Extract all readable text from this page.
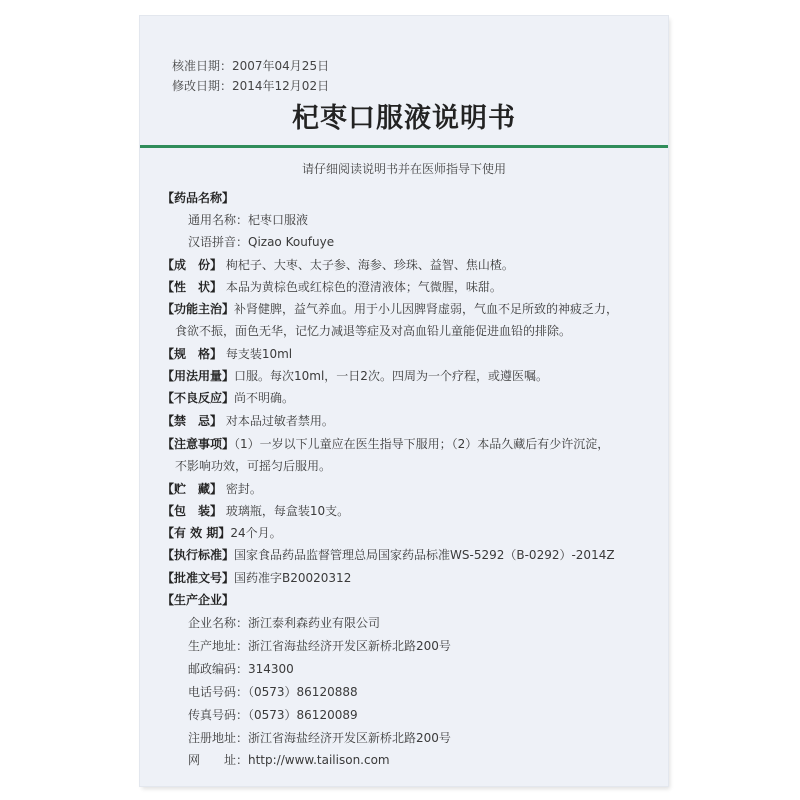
核准日期：2007年04月25日
修改日期：2014年12月02日
杞枣口服液说明书
请仔细阅读说明书并在医师指导下使用
【药品名称】
通用名称：杞枣口服液
汉语拼音：Qizao Koufuye
【成 份】 枸杞子、大枣、太子参、海参、珍珠、益智、焦山楂。
【性 状】 本品为黄棕色或红棕色的澄清液体；气微腥，味甜。
【功能主治】补肾健脾，益气养血。用于小儿因脾肾虚弱，气血不足所致的神疲乏力，
食欲不振，面色无华，记忆力减退等症及对高血铅儿童能促进血铅的排除。
【规 格】 每支装10ml
【用法用量】口服。每次10ml，一日2次。四周为一个疗程，或遵医嘱。
【不良反应】尚不明确。
【禁 忌】 对本品过敏者禁用。
【注意事项】（1）一岁以下儿童应在医生指导下服用；（2）本品久藏后有少许沉淀，
不影响功效，可摇匀后服用。
【贮 藏】 密封。
【包 装】 玻璃瓶，每盒装10支。
【有 效 期】24个月。
【执行标准】国家食品药品监督管理总局国家药品标准WS-5292（B-0292）-2014Z
【批准文号】国药准字B20020312
【生产企业】
企业名称：浙江泰利森药业有限公司
生产地址：浙江省海盐经济开发区新桥北路200号
邮政编码：314300
电话号码：（0573）86120888
传真号码：（0573）86120089
注册地址：浙江省海盐经济开发区新桥北路200号
网 址： http://www.tailison.com
